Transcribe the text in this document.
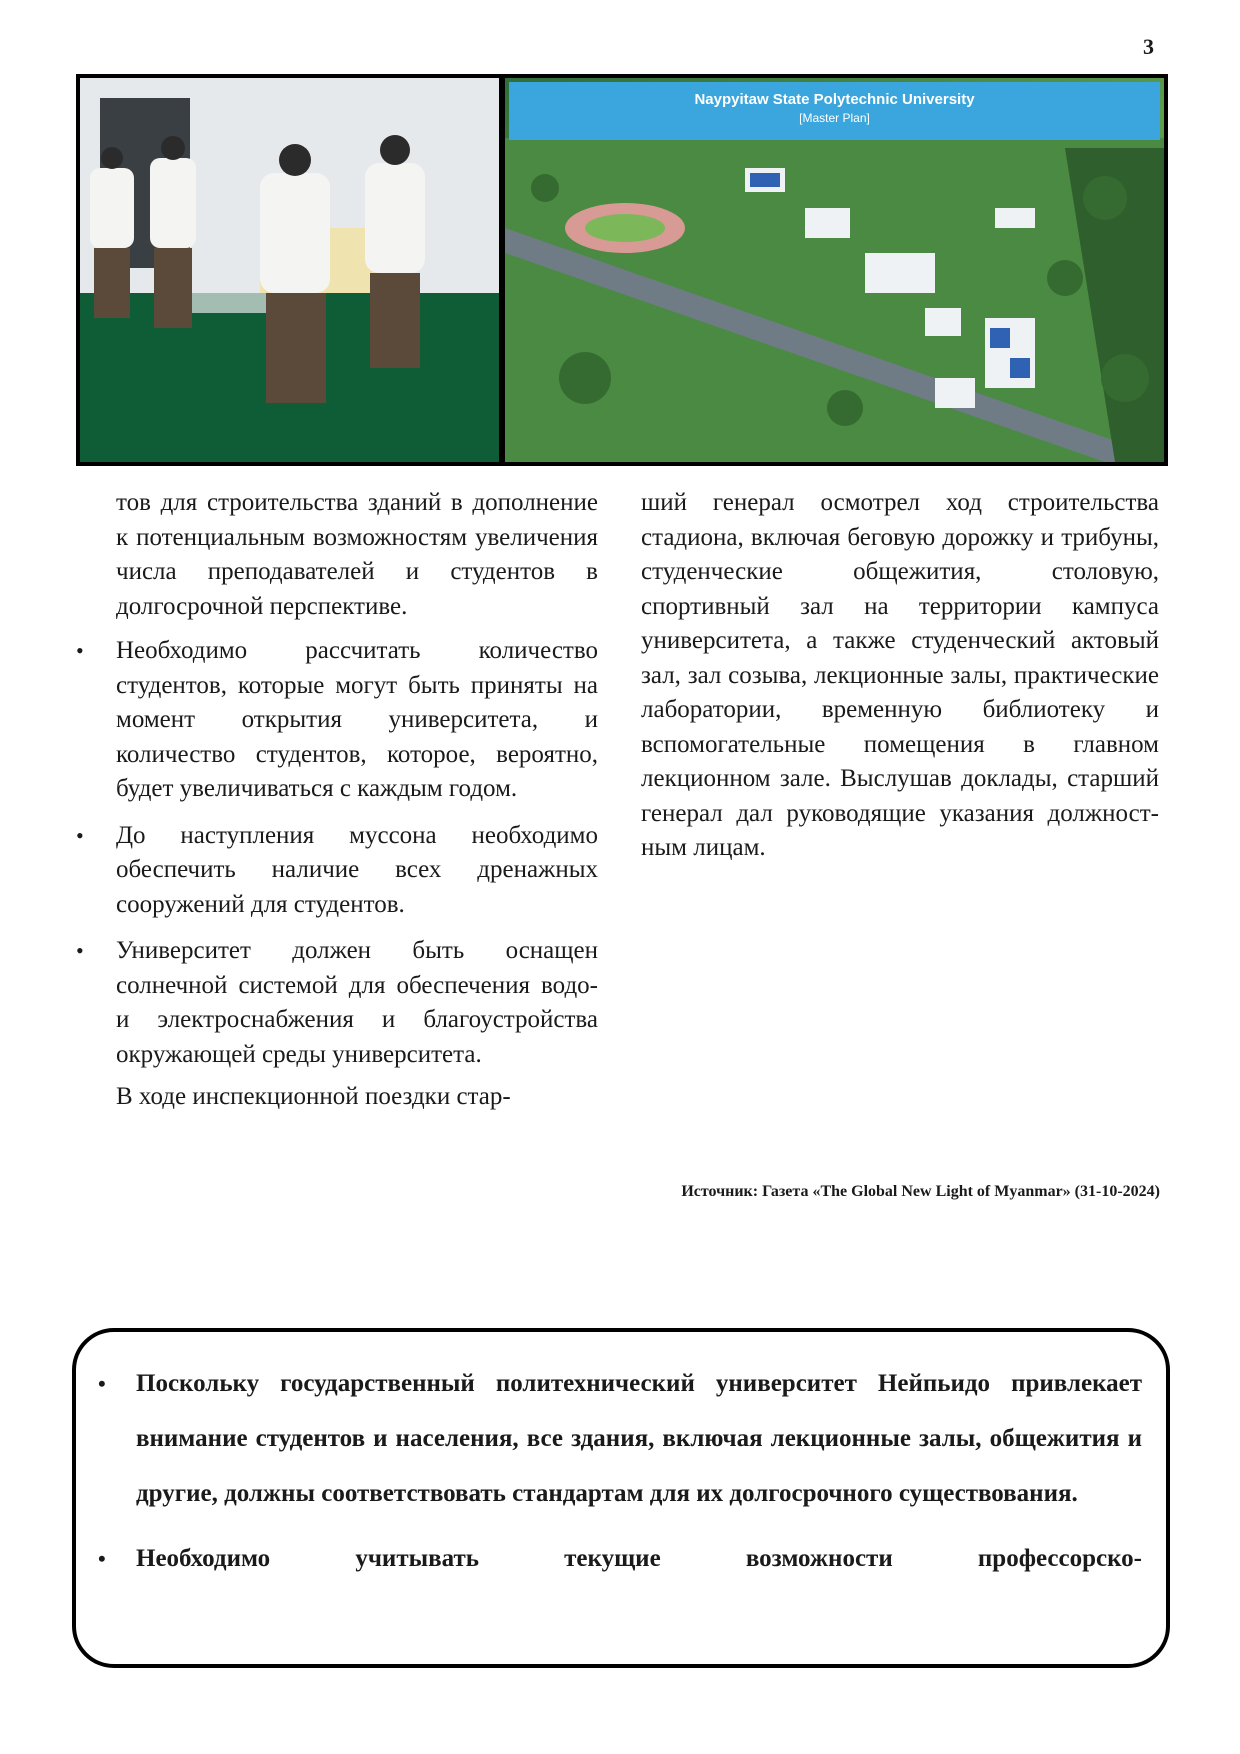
3
Naypyitaw State Polytechnic University
[Master Plan]

тов для строительства зданий в дополнение к потенциальным возможностям увеличения числа преподавателей и студентов в долгосрочной перспективе.

• Необходимо рассчитать количество студентов, которые могут быть приняты на момент открытия университета, и количество студентов, которое, вероятно, будет увеличиваться с каждым годом.
• До наступления муссона необходимо обеспечить наличие всех дренажных сооружений для студентов.
• Университет должен быть оснащен солнечной системой для обеспечения водо- и электроснабжения и благоустройства окружающей среды университета.

В ходе инспекционной поездки стар-

ший генерал осмотрел ход строительства стадиона, включая беговую дорожку и трибуны, студенческие общежития, столовую, спортивный зал на территории кампуса университета, а также студенческий актовый зал, зал созыва, лекционные залы, практические лаборатории, временную библиотеку и вспомогательные помещения в главном лекционном зале. Выслушав доклады, старший генерал дал руководящие указания должностным лицам.

Источник: Газета «The Global New Light of Myanmar» (31-10-2024)
• Поскольку государственный политехнический университет Нейпьидо привлекает внимание студентов и населения, все здания, включая лекционные залы, общежития и другие, должны соответствовать стандартам для их долгосрочного существования.
• Необходимо учитывать текущие возможности профессорско-
